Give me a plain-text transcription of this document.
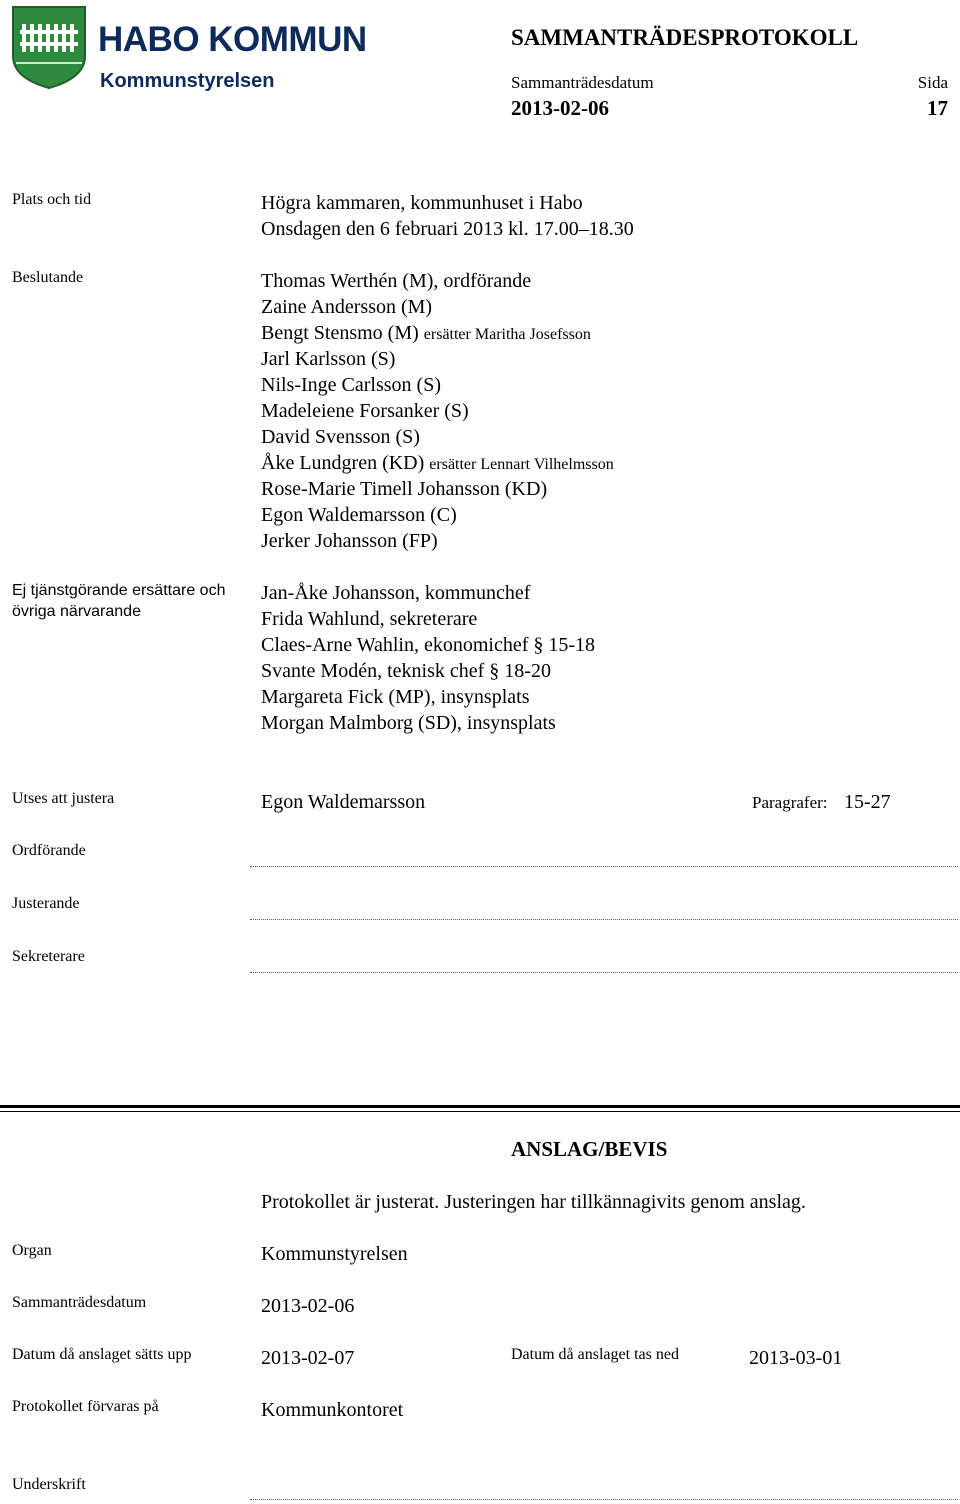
HABO KOMMUN
Kommunstyrelsen
SAMMANTRÄDESPROTOKOLL
Sammanträdesdatum
2013-02-06
Sida
17
Plats och tid	Högra kammaren, kommunhuset i Habo
Onsdagen den 6 februari 2013 kl. 17.00–18.30
Beslutande	Thomas Werthén (M), ordförande
Zaine Andersson (M)
Bengt Stensmo (M) ersätter Maritha Josefsson
Jarl Karlsson (S)
Nils-Inge Carlsson (S)
Madeleiene Forsanker (S)
David Svensson (S)
Åke Lundgren (KD) ersätter Lennart Vilhelmsson
Rose-Marie Timell Johansson (KD)
Egon Waldemarsson (C)
Jerker Johansson (FP)
Ej tjänstgörande ersättare och
övriga närvarande
Jan-Åke Johansson, kommunchef
Frida Wahlund, sekreterare
Claes-Arne Wahlin, ekonomichef § 15-18
Svante Modén, teknisk chef § 18-20
Margareta Fick (MP), insynsplats
Morgan Malmborg (SD), insynsplats
Utses att justera	Egon Waldemarsson	Paragrafer: 15-27
Ordförande
Justerande
Sekreterare
ANSLAG/BEVIS
Protokollet är justerat. Justeringen har tillkännagivits genom anslag.
Organ	Kommunstyrelsen
Sammanträdesdatum	2013-02-06
Datum då anslaget sätts upp	2013-02-07	Datum då anslaget tas ned	2013-03-01
Protokollet förvaras på	Kommunkontoret
Underskrift
